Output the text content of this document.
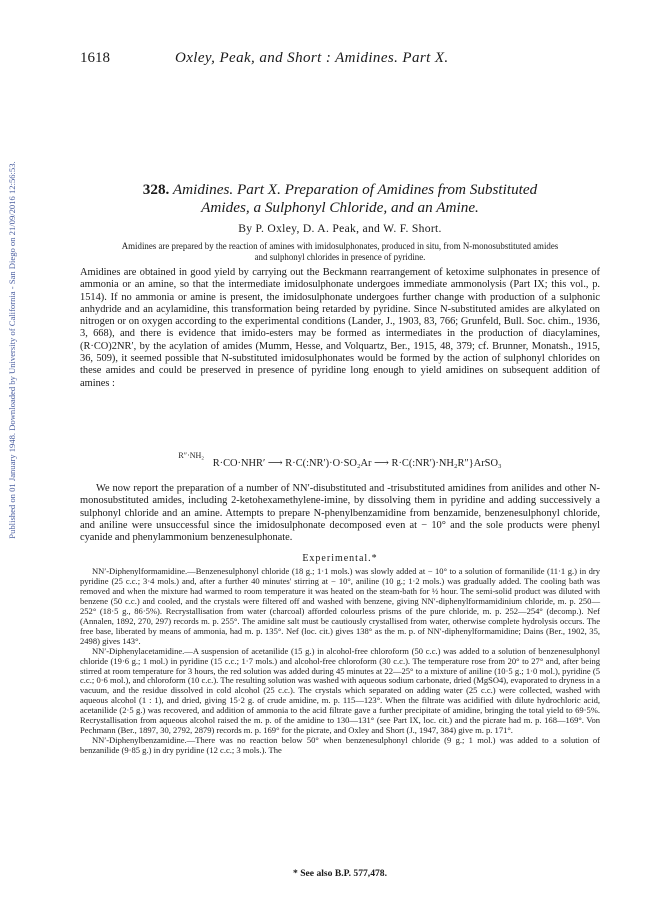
Published on 01 January 1948. Downloaded by University of California - San Diego on 21/09/2016 12:56:53.
1618	Oxley, Peak, and Short : Amidines. Part X.
328. Amidines. Part X. Preparation of Amidines from Substituted
Amides, a Sulphonyl Chloride, and an Amine.
By P. Oxley, D. A. Peak, and W. F. Short.
Amidines are prepared by the reaction of amines with imidosulphonates, produced in situ, from N-monosubstituted amides and sulphonyl chlorides in presence of pyridine.

Amidines are obtained in good yield by carrying out the Beckmann rearrangement of ketoxime sulphonates in presence of ammonia or an amine, so that the intermediate imidosulphonate undergoes immediate ammonolysis (Part IX; this vol., p. 1514). If no ammonia or amine is present, the imidosulphonate undergoes further change with production of a sulphonic anhydride and an acylamidine, this transformation being retarded by pyridine. Since N-substituted amides are alkylated on nitrogen or on oxygen according to the experimental conditions (Lander, J., 1903, 83, 766; Grunfeld, Bull. Soc. chim., 1936, 3, 668), and there is evidence that imido-esters may be formed as intermediates in the production of diacylamines, (R·CO)2NR′, by the acylation of amides (Mumm, Hesse, and Volquartz, Ber., 1915, 48, 379; cf. Brunner, Monatsh., 1915, 36, 509), it seemed possible that N-substituted imidosulphonates would be formed by the action of sulphonyl chlorides on these amides and could be preserved in presence of pyridine long enough to yield amidines on subsequent addition of amines :

$^{R''\cdot NH_2}$ R·CO·NHR′ ⟶ R·C(:NR′)·O·SO₂Ar ⟶ R·C(:NR′)·NH₂R″}ArSO₃

We now report the preparation of a number of NN′-disubstituted and -trisubstituted amidines from anilides and other N-monosubstituted amides, including 2-ketohexamethylene-imine, by dissolving them in pyridine and adding successively a sulphonyl chloride and an amine. Attempts to prepare N-phenylbenzamidine from benzamide, benzenesulphonyl chloride, and aniline were unsuccessful since the imidosulphonate decomposed even at − 10° and the sole products were phenyl cyanide and phenylammonium benzenesulphonate.

Experimental.*

NN′-Diphenylformamidine.—Benzenesulphonyl chloride (18 g.; 1·1 mols.) was slowly added at − 10° to a solution of formanilide (11·1 g.) in dry pyridine (25 c.c.; 3·4 mols.) and, after a further 40 minutes' stirring at − 10°, aniline (10 g.; 1·2 mols.) was gradually added. The cooling bath was removed and when the mixture had warmed to room temperature it was heated on the steam-bath for ½ hour. The semi-solid product was diluted with benzene (50 c.c.) and cooled, and the crystals were filtered off and washed with benzene, giving NN′-diphenylformamidinium chloride, m. p. 250—252° (18·5 g., 86·5%). Recrystallisation from water (charcoal) afforded colourless prisms of the pure chloride, m. p. 252—254° (decomp.). Nef (Annalen, 1892, 270, 297) records m. p. 255°. The amidine salt must be cautiously crystallised from water, otherwise complete hydrolysis occurs. The free base, liberated by means of ammonia, had m. p. 135°. Nef (loc. cit.) gives 138° as the m. p. of NN′-diphenylformamidine; Dains (Ber., 1902, 35, 2498) gives 143°.

NN′-Diphenylacetamidine.—A suspension of acetanilide (15 g.) in alcohol-free chloroform (50 c.c.) was added to a solution of benzenesulphonyl chloride (19·6 g.; 1 mol.) in pyridine (15 c.c.; 1·7 mols.) and alcohol-free chloroform (30 c.c.). The temperature rose from 20° to 27° and, after being stirred at room temperature for 3 hours, the red solution was added during 45 minutes at 22—25° to a mixture of aniline (10·5 g.; 1·0 mol.), pyridine (5 c.c.; 0·6 mol.), and chloroform (10 c.c.). The resulting solution was washed with aqueous sodium carbonate, dried (MgSO4), evaporated to dryness in a vacuum, and the residue dissolved in cold alcohol (25 c.c.). The crystals which separated on adding water (25 c.c.) were collected, washed with aqueous alcohol (1 : 1), and dried, giving 15·2 g. of crude amidine, m. p. 115—123°. When the filtrate was acidified with dilute hydrochloric acid, acetanilide (2·5 g.) was recovered, and addition of ammonia to the acid filtrate gave a further precipitate of amidine, bringing the total yield to 69·5%. Recrystallisation from aqueous alcohol raised the m. p. of the amidine to 130—131° (see Part IX, loc. cit.) and the picrate had m. p. 168—169°. Von Pechmann (Ber., 1897, 30, 2792, 2879) records m. p. 169° for the picrate, and Oxley and Short (J., 1947, 384) give m. p. 171°.

NN′-Diphenylbenzamidine.—There was no reaction below 50° when benzenesulphonyl chloride (9 g.; 1 mol.) was added to a solution of benzanilide (9·85 g.) in dry pyridine (12 c.c.; 3 mols.). The

* See also B.P. 577,478.
